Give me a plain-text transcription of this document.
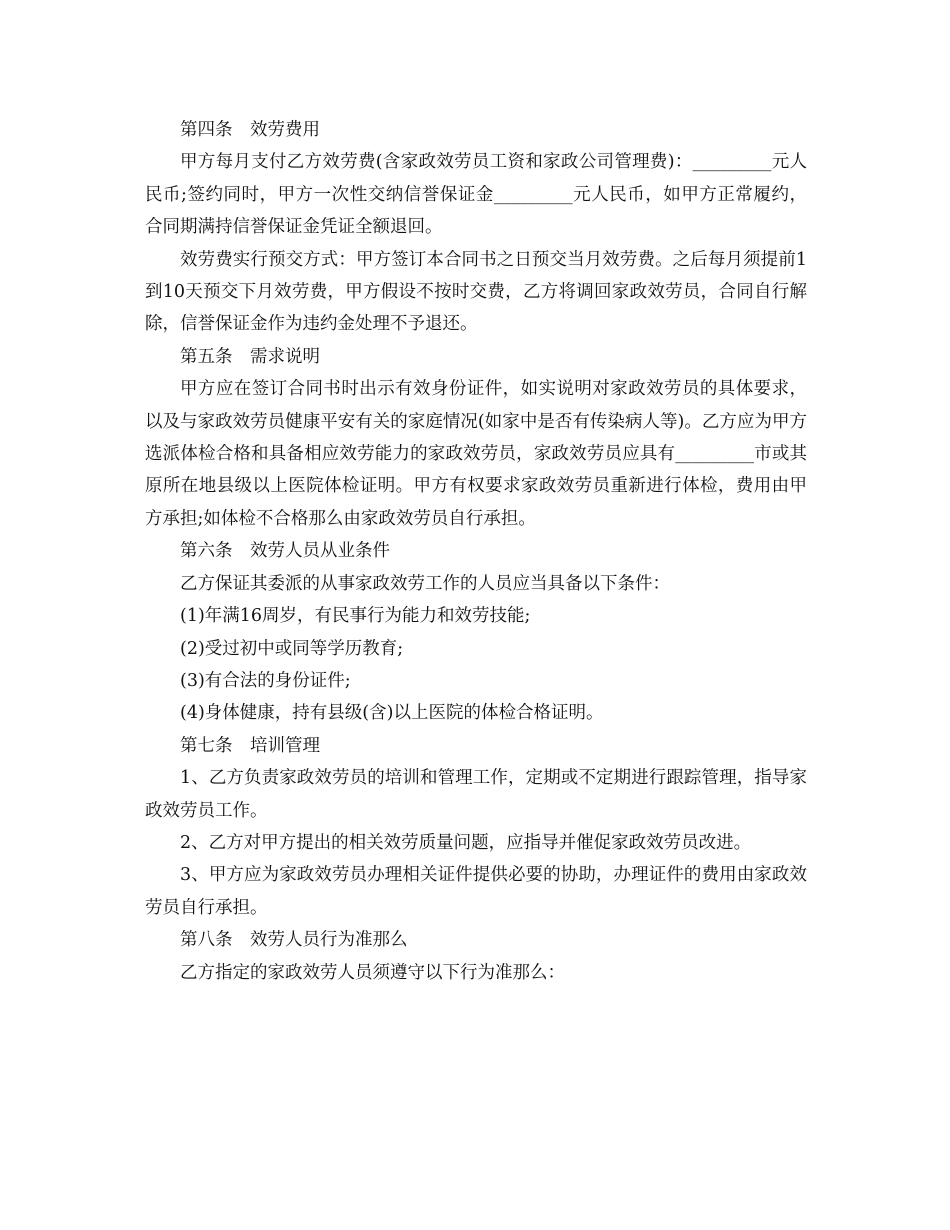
第四条　效劳费用

甲方每月支付乙方效劳费(含家政效劳员工资和家政公司管理费)：_________元人民币;签约同时，甲方一次性交纳信誉保证金_________元人民币，如甲方正常履约，合同期满持信誉保证金凭证全额退回。

效劳费实行预交方式：甲方签订本合同书之日预交当月效劳费。之后每月须提前1到10天预交下月效劳费，甲方假设不按时交费，乙方将调回家政效劳员，合同自行解除，信誉保证金作为违约金处理不予退还。

第五条　需求说明

甲方应在签订合同书时出示有效身份证件，如实说明对家政效劳员的具体要求，以及与家政效劳员健康平安有关的家庭情况(如家中是否有传染病人等)。乙方应为甲方选派体检合格和具备相应效劳能力的家政效劳员，家政效劳员应具有_________市或其原所在地县级以上医院体检证明。甲方有权要求家政效劳员重新进行体检，费用由甲方承担;如体检不合格那么由家政效劳员自行承担。

第六条　效劳人员从业条件

乙方保证其委派的从事家政效劳工作的人员应当具备以下条件：

(1)年满16周岁，有民事行为能力和效劳技能;

(2)受过初中或同等学历教育;

(3)有合法的身份证件;

(4)身体健康，持有县级(含)以上医院的体检合格证明。

第七条　培训管理

1、乙方负责家政效劳员的培训和管理工作，定期或不定期进行跟踪管理，指导家政效劳员工作。

2、乙方对甲方提出的相关效劳质量问题，应指导并催促家政效劳员改进。

3、甲方应为家政效劳员办理相关证件提供必要的协助，办理证件的费用由家政效劳员自行承担。

第八条　效劳人员行为准那么

乙方指定的家政效劳人员须遵守以下行为准那么：
